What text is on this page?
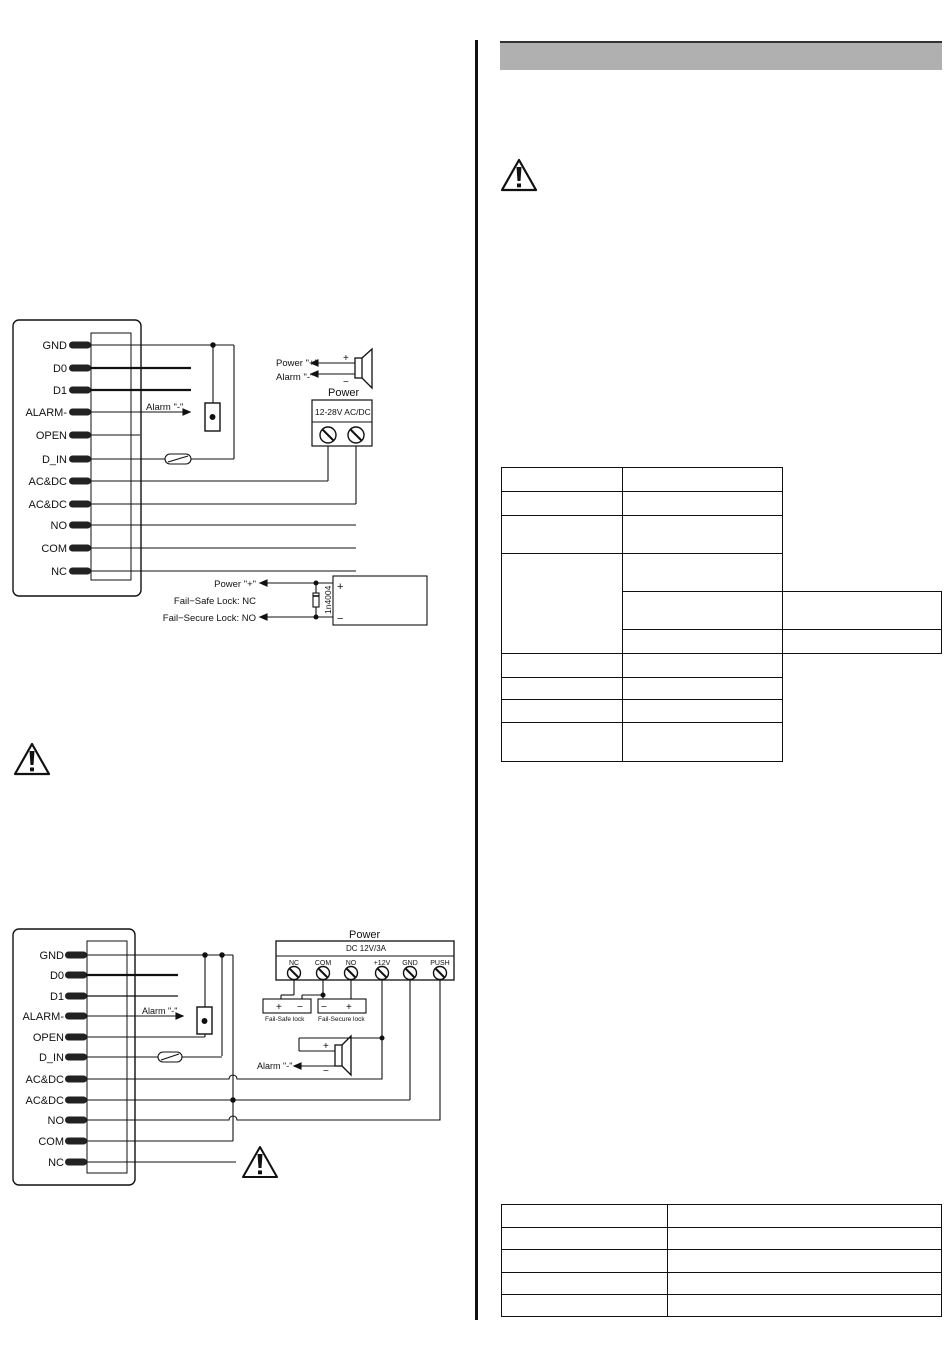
GND
D0
D1
ALARM-
OPEN
D_IN
AC&DC
AC&DC
NO
COM
NC
Alarm "-"
Power "+"
Alarm "-"
+
−
Power
12-28V AC/DC
Power "+"
Fail−Safe Lock: NC
Fail−Secure Lock: NO
1n4004 +
−
GND
D0
D1
ALARM-
OPEN
D_IN
AC&DC
AC&DC
NO
COM
NC
NC COM NO +12V GND PUSH
Alarm "-"
Power
DC 12V/3A
Fail-Safe lock Fail-Secure lock
+ − − +
+
−
Alarm "-"
